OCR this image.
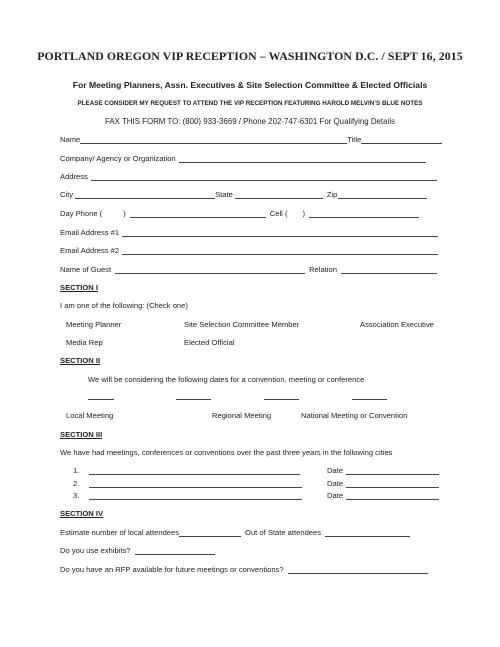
PORTLAND OREGON VIP RECEPTION – WASHINGTON D.C. / SEPT 16, 2015
For Meeting Planners, Assn. Executives & Site Selection Committee & Elected Officials
PLEASE CONSIDER MY REQUEST TO ATTEND THE VIP RECEPTION FEATURING HAROLD MELVIN’S BLUE NOTES
FAX THIS FORM TO: (800) 933-3669 / Phone 202-747-6301 For Qualifying Details
Name	Title
Company/ Agency or Organization
Address
City	State	Zip
Day Phone (	)	Cell ( )
Email Address #1
Email Address #2
Name of Guest	Relation
SECTION I
I am one of the following: (Check one)
Meeting Planner	Site Selection Committee Member	Association Executive
Media Rep	Elected Official
SECTION II
We will be considering the following dates for a convention, meeting or conference
Local Meeting	Regional Meeting	National Meeting or Convention
SECTION III
We have had meetings, conferences or conventions over the past three years in the following cities
1.	Date
2.	Date
3.	Date
SECTION IV
Estimate number of local attendees	Out of State attendees
Do you use exhibits?
Do you have an RFP available for future meetings or conventions?
